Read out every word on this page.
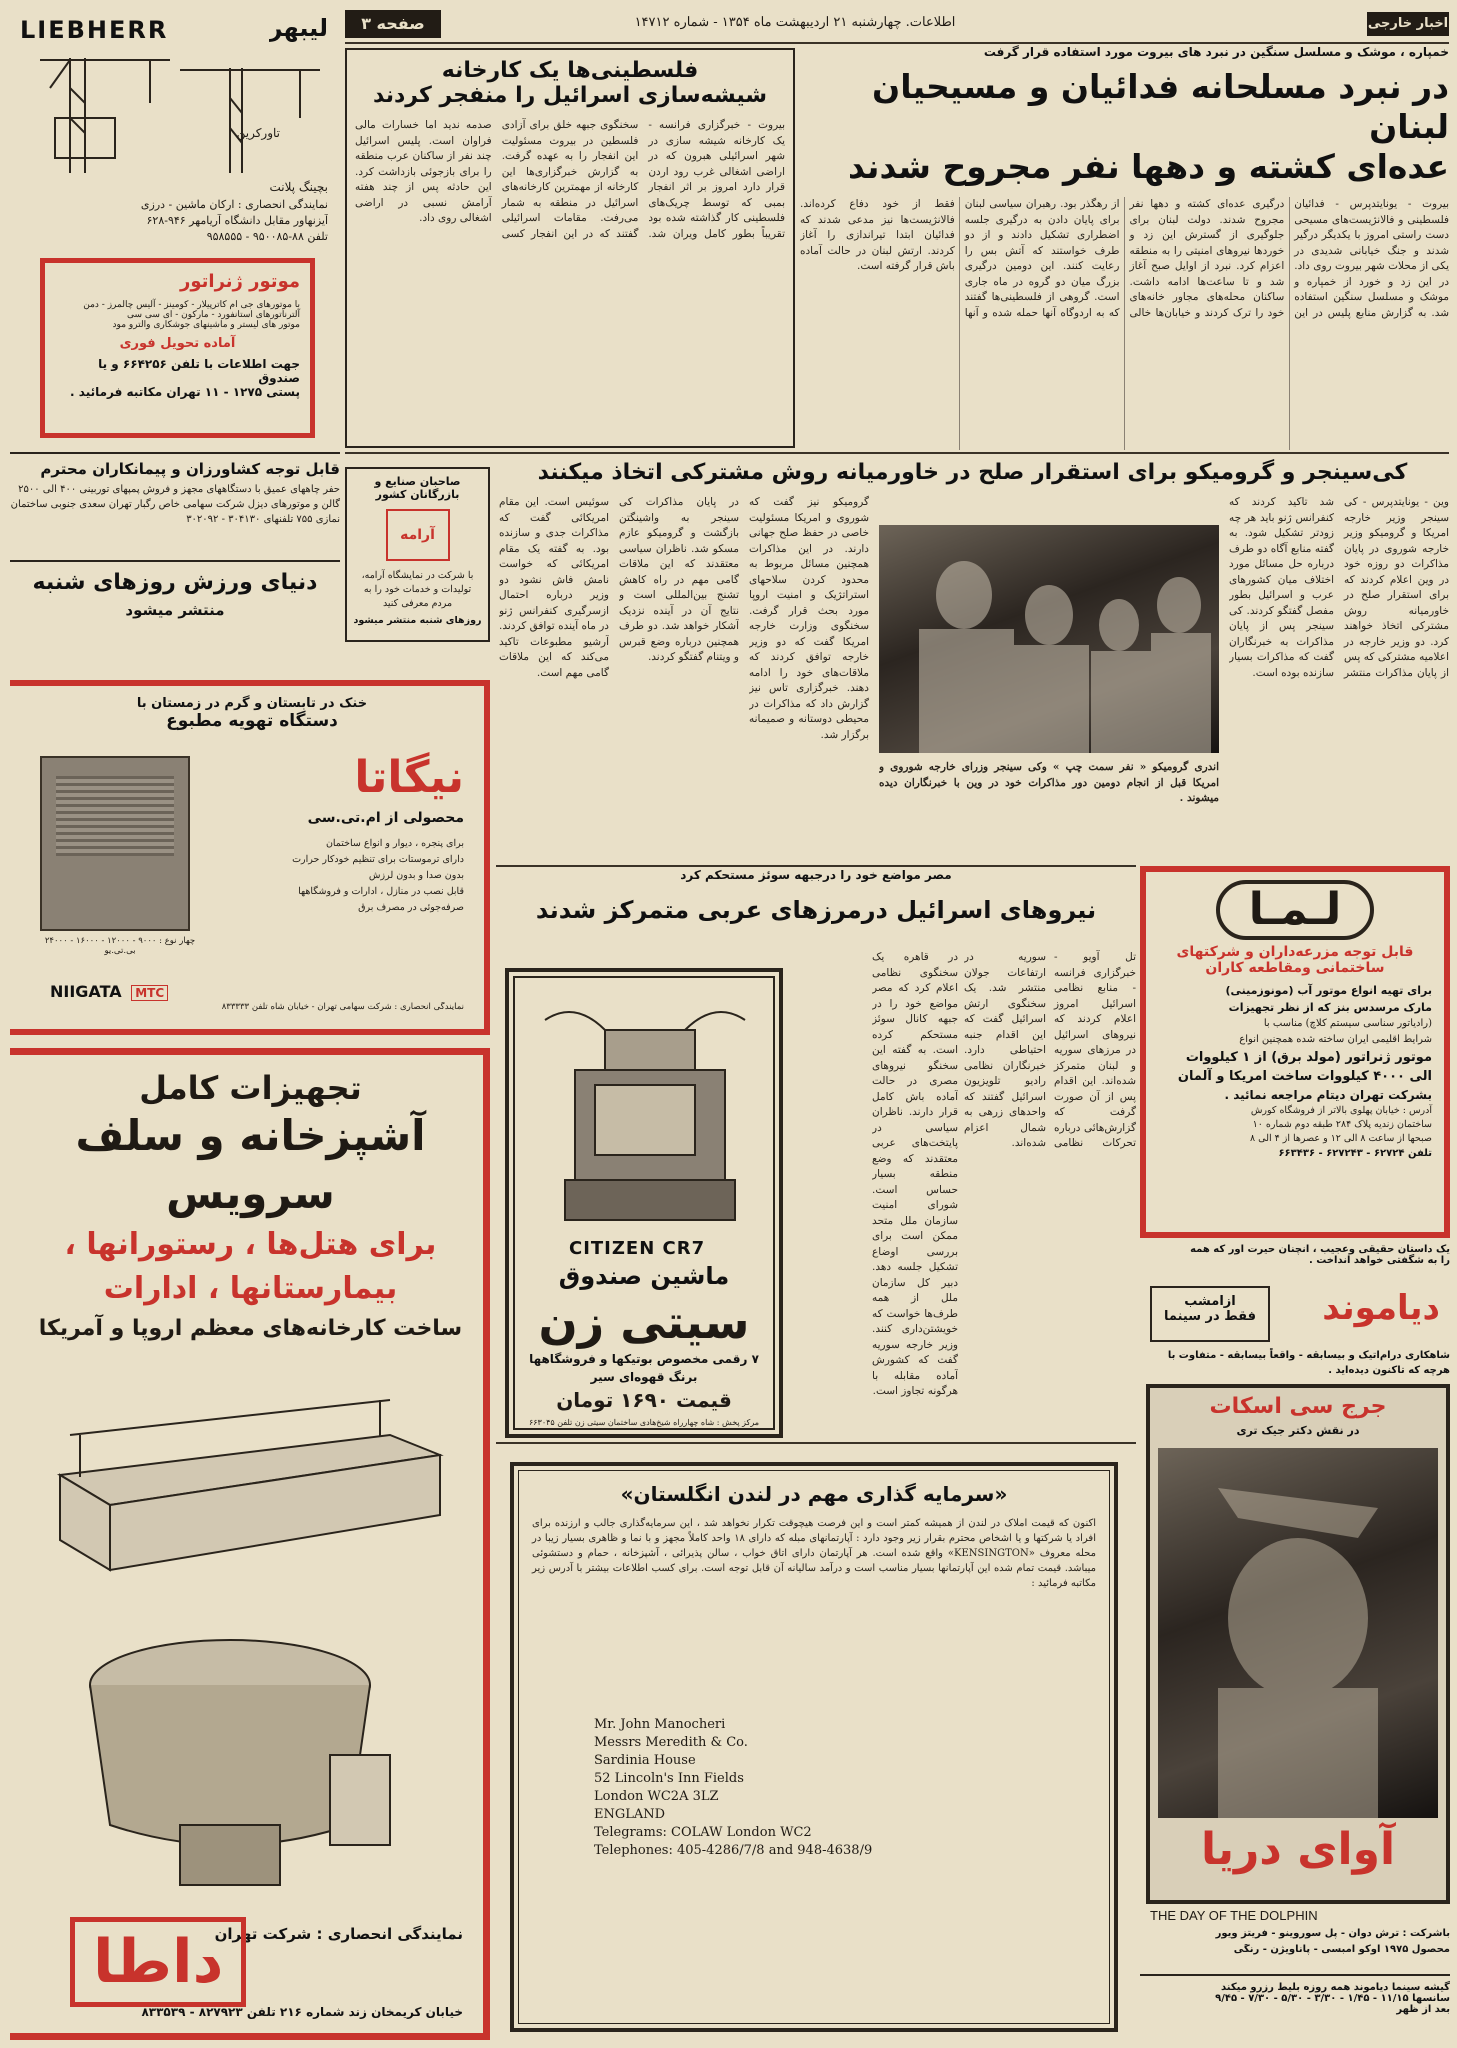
اخبار خارجی
اطلاعات. چهارشنبه ۲۱ اردیبهشت ماه ۱۳۵۴ - شماره ۱۴۷۱۲
صفحه ۳
LIEBHERR	لیبهر
تاورکرین
بچینگ پلانت
نمایندگی انحصاری : ارکان ماشین - درزی
آیزنهاور مقابل دانشگاه آریامهر ۹۴۶-۶۲۸
تلفن ۸۸-۹۵۰۰۸۵ - ۹۵۸۵۵۵
موتور ژنراتور
با موتورهای جی ام کاترپیلار - کومینز - آلیس چالمرز - دمن
آلترناتورهای استانفورد - مارکون - ای سی سی
موتور های لیستر و ماشینهای جوشکاری والترو مود
آماده تحویل فوری
جهت اطلاعات با تلفن ۶۶۴۲۵۶ و یا صندوق
پستی ۱۲۷۵ - ۱۱ تهران مکاتبه فرمائید .
قابل توجه کشاورزان و پیمانکاران محترم
حفر چاههای عمیق با دستگاههای مجهز و فروش پمپهای توربینی ۴۰۰ الی ۲۵۰۰ گالن و موتورهای دیزل شرکت سهامی خاص رگبار تهران سعدی جنوبی ساختمان نمازی ۷۵۵ تلفنهای ۳۰۴۱۳۰ - ۳۰۲۰۹۲
دنیای ورزش روزهای شنبه
منتشر میشود
صاحبان صنایع و بازرگانان کشور
آرامه
با شرکت در نمایشگاه آرامه، تولیدات و خدمات خود را به مردم معرفی کنید
روزهای شنبه منتشر میشود
خمپاره ، موشک و مسلسل سنگین در نبرد های بیروت مورد استفاده قرار گرفت
در نبرد مسلحانه فدائیان و مسیحیان لبنان
عده‌ای کشته و دهها نفر مجروح شدند
بیروت - یونایتدپرس - فدائیان فلسطینی و فالانژیست‌های مسیحی دست راستی امروز با یکدیگر درگیر شدند و جنگ خیابانی شدیدی در یکی از محلات شهر بیروت روی داد. در این زد و خورد از خمپاره و موشک و مسلسل سنگین استفاده شد. به گزارش منابع پلیس در این درگیری عده‌ای کشته و دهها نفر مجروح شدند. دولت لبنان برای جلوگیری از گسترش این زد و خوردها نیروهای امنیتی را به منطقه اعزام کرد. نبرد از اوایل صبح آغاز شد و تا ساعت‌ها ادامه داشت. ساکنان محله‌های مجاور خانه‌های خود را ترک کردند و خیابان‌ها خالی از رهگذر بود. رهبران سیاسی لبنان برای پایان دادن به درگیری جلسه اضطراری تشکیل دادند و از دو طرف خواستند که آتش بس را رعایت کنند. این دومین درگیری بزرگ میان دو گروه در ماه جاری است. گروهی از فلسطینی‌ها گفتند که به اردوگاه آنها حمله شده و آنها فقط از خود دفاع کرده‌اند. فالانژیست‌ها نیز مدعی شدند که فدائیان ابتدا تیراندازی را آغاز کردند. ارتش لبنان در حالت آماده باش قرار گرفته است.
فلسطینی‌ها یک کارخانه
شیشه‌سازی اسرائیل را منفجر کردند
بیروت - خبرگزاری فرانسه - یک کارخانه شیشه سازی در شهر اسرائیلی هبرون که در اراضی اشغالی غرب رود اردن قرار دارد امروز بر اثر انفجار بمبی که توسط چریک‌های فلسطینی کار گذاشته شده بود تقریباً بطور کامل ویران شد. سخنگوی جبهه خلق برای آزادی فلسطین در بیروت مسئولیت این انفجار را به عهده گرفت. به گزارش خبرگزاری‌ها این کارخانه از مهمترین کارخانه‌های اسرائیل در منطقه به شمار می‌رفت. مقامات اسرائیلی گفتند که در این انفجار کسی صدمه ندید اما خسارات مالی فراوان است. پلیس اسرائیل چند نفر از ساکنان عرب منطقه را برای بازجوئی بازداشت کرد. این حادثه پس از چند هفته آرامش نسبی در اراضی اشغالی روی داد.
کی‌سینجر و گرومیکو برای استقرار صلح در خاورمیانه روش مشترکی اتخاذ میکنند
وین - یونایتدپرس - کی سینجر وزیر خارجه امریکا و گرومیکو وزیر خارجه شوروی در پایان مذاکرات دو روزه خود در وین اعلام کردند که برای استقرار صلح در خاورمیانه روش مشترکی اتخاذ خواهند کرد. دو وزیر خارجه در اعلامیه مشترکی که پس از پایان مذاکرات منتشر شد تاکید کردند که کنفرانس ژنو باید هر چه زودتر تشکیل شود. به گفته منابع آگاه دو طرف درباره حل مسائل مورد اختلاف میان کشورهای عرب و اسرائیل بطور مفصل گفتگو کردند. کی سینجر پس از پایان مذاکرات به خبرنگاران گفت که مذاکرات بسیار سازنده بوده است.
اندری گرومیکو « نفر سمت چپ » وکی سینجر وزرای خارجه شوروی و امریکا قبل از انجام دومین دور مذاکرات خود در وین با خبرنگاران دیده میشوند .
گرومیکو نیز گفت که شوروی و امریکا مسئولیت خاصی در حفظ صلح جهانی دارند. در این مذاکرات همچنین مسائل مربوط به محدود کردن سلاحهای استراتژیک و امنیت اروپا مورد بحث قرار گرفت. سخنگوی وزارت خارجه امریکا گفت که دو وزیر خارجه توافق کردند که ملاقات‌های خود را ادامه دهند. خبرگزاری تاس نیز گزارش داد که مذاکرات در محیطی دوستانه و صمیمانه برگزار شد.
در پایان مذاکرات کی سینجر به واشینگتن بازگشت و گرومیکو عازم مسکو شد. ناظران سیاسی معتقدند که این ملاقات گامی مهم در راه کاهش تشنج بین‌المللی است و نتایج آن در آینده نزدیک آشکار خواهد شد. دو طرف همچنین درباره وضع قبرس و ویتنام گفتگو کردند.
سوئیس است. این مقام امریکائی گفت که مذاکرات جدی و سازنده بود. به گفته یک مقام امریکائی که خواست نامش فاش نشود دو وزیر درباره احتمال ازسرگیری کنفرانس ژنو در ماه آینده توافق کردند. آرشیو مطبوعات تاکید می‌کند که این ملاقات گامی مهم است.
خنک در تابستان و گرم در زمستان با
دستگاه تهویه مطبوع
نیگاتا
محصولی از ام.تی.سی
برای پنجره ، دیوار و انواع ساختمان
دارای ترموستات برای تنظیم خودکار حرارت
بدون صدا و بدون لرزش
قابل نصب در منازل ، ادارات و فروشگاهها
صرفه‌جوئی در مصرف برق
چهار نوع : ۹۰۰۰ - ۱۲۰۰۰ - ۱۶۰۰۰ - ۲۴۰۰۰ بی.تی.یو
NIIGATA MTC
نمایندگی انحصاری : شرکت سهامی تهران - خیابان شاه تلفن ۸۳۳۳۳۳
تجهیزات کامل
آشپزخانه و سلف سرویس
برای هتل‌ها ، رستورانها ،
بیمارستانها ، ادارات
ساخت کارخانه‌های معظم اروپا و آمریکا
نمایندگی انحصاری : شرکت تهران
داطا
خیابان کریمخان زند شماره ۲۱۶ تلفن ۸۲۷۹۲۳ - ۸۳۳۵۳۹
مصر مواضع خود را درجبهه سوئز مستحکم کرد
نیروهای اسرائیل درمرزهای عربی متمرکز شدند
تل آویو - خبرگزاری فرانسه - منابع نظامی اسرائیل امروز اعلام کردند که نیروهای اسرائیل در مرزهای سوریه و لبنان متمرکز شده‌اند. این اقدام پس از آن صورت گرفت که گزارش‌هائی درباره تحرکات نظامی سوریه در ارتفاعات جولان منتشر شد. یک سخنگوی ارتش اسرائیل گفت که این اقدام جنبه احتیاطی دارد. خبرنگاران نظامی رادیو تلویزیون اسرائیل گفتند که واحدهای زرهی به شمال اعزام شده‌اند.
در قاهره یک سخنگوی نظامی اعلام کرد که مصر مواضع خود را در جبهه کانال سوئز مستحکم کرده است. به گفته این سخنگو نیروهای مصری در حالت آماده باش کامل قرار دارند. ناظران سیاسی در پایتخت‌های عربی معتقدند که وضع منطقه بسیار حساس است. شورای امنیت سازمان ملل متحد ممکن است برای بررسی اوضاع تشکیل جلسه دهد. دبیر کل سازمان ملل از همه طرف‌ها خواست که خویشتن‌داری کنند. وزیر خارجه سوریه گفت که کشورش آماده مقابله با هرگونه تجاوز است.
CITIZEN CR7
ماشین صندوق
سیتی زن
۷ رقمی مخصوص بوتیکها و فروشگاهها
برنگ قهوه‌ای سیر
قیمت ۱۶۹۰ تومان
مرکز پخش : شاه چهارراه شیخ‌هادی ساختمان سیتی زن تلفن ۶۶۳۰۴۵
«سرمایه گذاری مهم در لندن انگلستان»
اکنون که قیمت املاک در لندن از همیشه کمتر است و این فرصت هیچوقت تکرار نخواهد شد ، این سرمایه‌گذاری جالب و ارزنده برای افراد یا شرکتها و یا اشخاص محترم بقرار زیر وجود دارد : آپارتمانهای مبله که دارای ۱۸ واحد کاملاً مجهز و با نما و ظاهری بسیار زیبا در محله معروف «KENSINGTON» واقع شده است. هر آپارتمان دارای اتاق خواب ، سالن پذیرائی ، آشپزخانه ، حمام و دستشوئی میباشد. قیمت تمام شده این آپارتمانها بسیار مناسب است و درآمد سالیانه آن قابل توجه است. برای کسب اطلاعات بیشتر با آدرس زیر مکاتبه فرمائید :
Mr. John Manocheri
Messrs Meredith & Co.
Sardinia House
52 Lincoln's Inn Fields
London WC2A 3LZ
ENGLAND
Telegrams: COLAW London WC2
Telephones: 405-4286/7/8 and 948-4638/9
لـمـا
قابل توجه مزرعه‌داران و شرکتهای
ساختمانی ومقاطعه کاران
برای تهیه انواع موتور آب (مونوزمینی)
مارک مرسدس بنز که از نظر تجهیزات
(رادیاتور سناسی سیستم کلاچ) مناسب با
شرایط اقلیمی ایران ساخته شده همچنین انواع
موتور ژنراتور (مولد برق) از ۱ کیلووات
الی ۴۰۰۰ کیلووات ساخت امریکا و آلمان
بشرکت تهران دیتام مراجعه نمائید .
آدرس : خیابان پهلوی بالاتر از فروشگاه کورش
ساختمان زندیه پلاک ۲۸۴ طبقه دوم شماره ۱۰
صبحها از ساعت ۸ الی ۱۲ و عصرها از ۴ الی ۸
تلفن ۶۲۷۲۴ - ۶۲۷۲۴۳ - ۶۶۳۴۳۶
یک داستان حقیقی وعجیب ، آنچنان حیرت آور که همه
را به شگفتی خواهد انداخت .
ازامشب
فقط در سینما	دیاموند
شاهکاری درام‌اتیک و بیسابقه - واقعاً بیسابقه - متفاوت با هرچه که تاکنون دیده‌اید .
جرج سی اسکات
در نقش دکتر جیک تری
آوای دریا
THE DAY OF THE DOLPHIN
باشرکت : ترش دوان - پل سوروینو - فریتز ویور
محصول ۱۹۷۵ آوکو امبسی - پاناویژن - رنگی
گیشه سینما دیاموند همه روزه بلیط رزرو میکند
سانسها ۱۱/۱۵ - ۱/۴۵ - ۳/۳۰ - ۵/۳۰ - ۷/۳۰ - ۹/۴۵
بعد از ظهر
